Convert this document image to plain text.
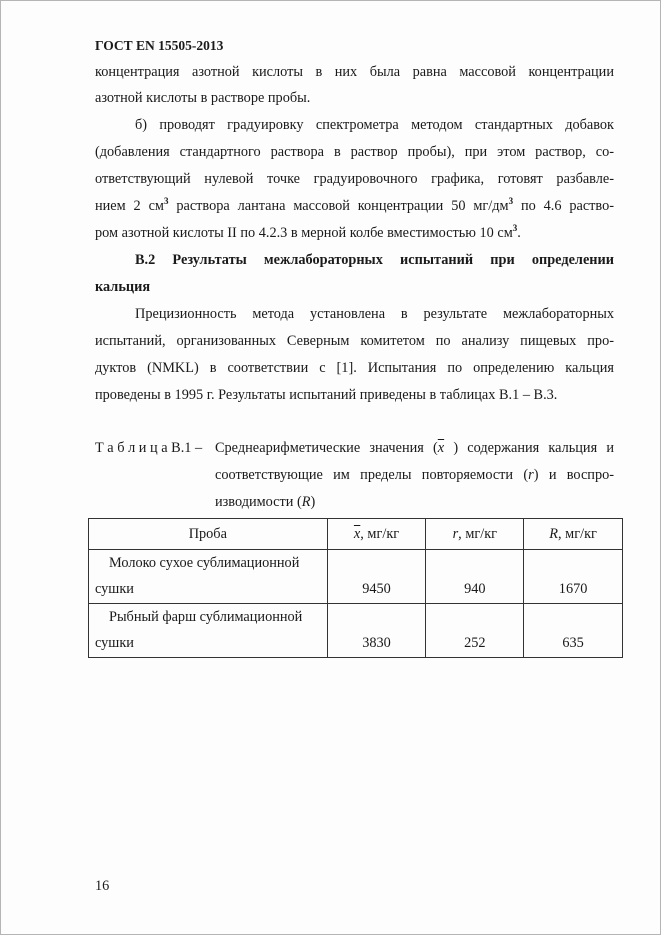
ГОСТ EN 15505-2013
концентрация азотной кислоты в них была равна массовой концентрации
азотной кислоты в растворе пробы.
б) проводят градуировку спектрометра методом стандартных добавок
(добавления стандартного раствора в раствор пробы), при этом раствор, со-
ответствующий нулевой точке градуировочного графика, готовят разбавле-
нием 2 $см^3$ раствора лантана массовой концентрации 50 $мг/дм^3$ по 4.6 раство-
ром азотной кислоты II по 4.2.3 в мерной колбе вместимостью 10 $см^3$.
В.2 Результаты межлабораторных испытаний при определении
кальция
Прецизионность метода установлена в результате межлабораторных
испытаний, организованных Северным комитетом по анализу пищевых про-
дуктов (NMKL) в соответствии с [1]. Испытания по определению кальция
проведены в 1995 г. Результаты испытаний приведены в таблицах В.1 – В.3.
Т а б л и ц а В.1 – Среднеарифметические значения ($\overline{x}$ ) содержания кальция и
соответствующие им пределы повторяемости (r) и воспро-
изводимости (R)
Проба	$\overline{x}$, мг/кг	r, мг/кг	R, мг/кг

Молоко сухое сублимационной
сушки	9450	940	1670

Рыбный фарш сублимационной
сушки	3830	252	635
16
